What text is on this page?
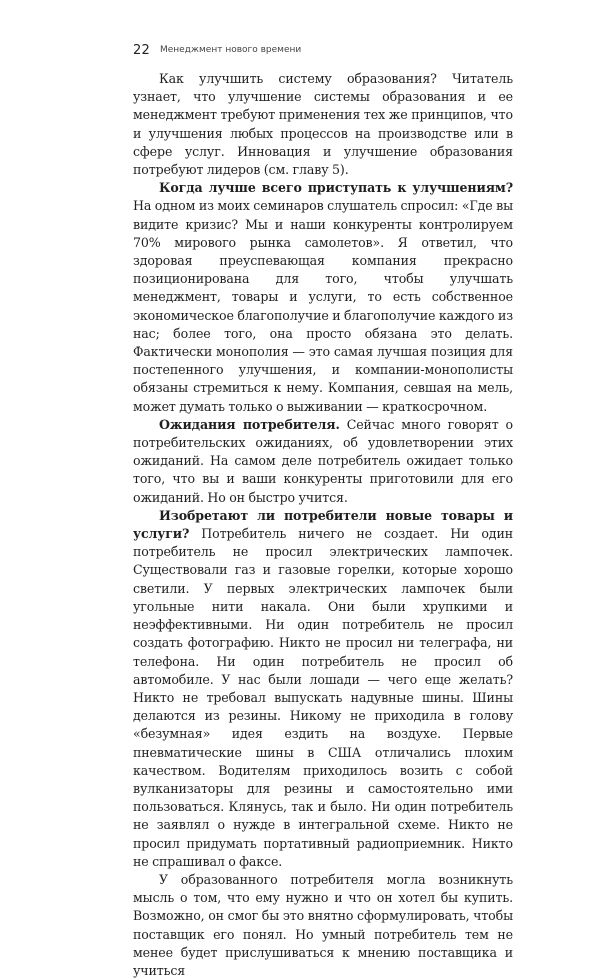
22 Менеджмент нового времени

Как улучшить систему образования? Читатель узнает, что улучшение системы образования и ее менеджмент требуют применения тех же принципов, что и улучшения любых процессов на производстве или в сфере услуг. Инновация и улучшение образования потребуют лидеров (см. главу 5).

Когда лучше всего приступать к улучшениям? На одном из моих семинаров слушатель спросил: «Где вы видите кризис? Мы и наши конкуренты контролируем 70% мирового рынка самолетов». Я ответил, что здоровая преуспевающая компания прекрасно позиционирована для того, чтобы улучшать менеджмент, товары и услуги, то есть собственное экономическое благополучие и благополучие каждого из нас; более того, она просто обязана это делать. Фактически монополия — это самая лучшая позиция для постепенного улучшения, и компании-монополисты обязаны стремиться к нему. Компания, севшая на мель, может думать только о выживании — краткосрочном.

Ожидания потребителя. Сейчас много говорят о потребительских ожиданиях, об удовлетворении этих ожиданий. На самом деле потребитель ожидает только того, что вы и ваши конкуренты приготовили для его ожиданий. Но он быстро учится.

Изобретают ли потребители новые товары и услуги? Потребитель ничего не создает. Ни один потребитель не просил электрических лампочек. Существовали газ и газовые горелки, которые хорошо светили. У первых электрических лампочек были угольные нити накала. Они были хрупкими и неэффективными. Ни один потребитель не просил создать фотографию. Никто не просил ни телеграфа, ни телефона. Ни один потребитель не просил об автомобиле. У нас были лошади — чего еще желать? Никто не требовал выпускать надувные шины. Шины делаются из резины. Никому не приходила в голову «безумная» идея ездить на воздухе. Первые пневматические шины в США отличались плохим качеством. Водителям приходилось возить с собой вулканизаторы для резины и самостоятельно ими пользоваться. Клянусь, так и было. Ни один потребитель не заявлял о нужде в интегральной схеме. Никто не просил придумать портативный радиоприемник. Никто не спрашивал о факсе.

У образованного потребителя могла возникнуть мысль о том, что ему нужно и что он хотел бы купить. Возможно, он смог бы это внятно сформулировать, чтобы поставщик его понял. Но умный потребитель тем не менее будет прислушиваться к мнению поставщика и учиться
